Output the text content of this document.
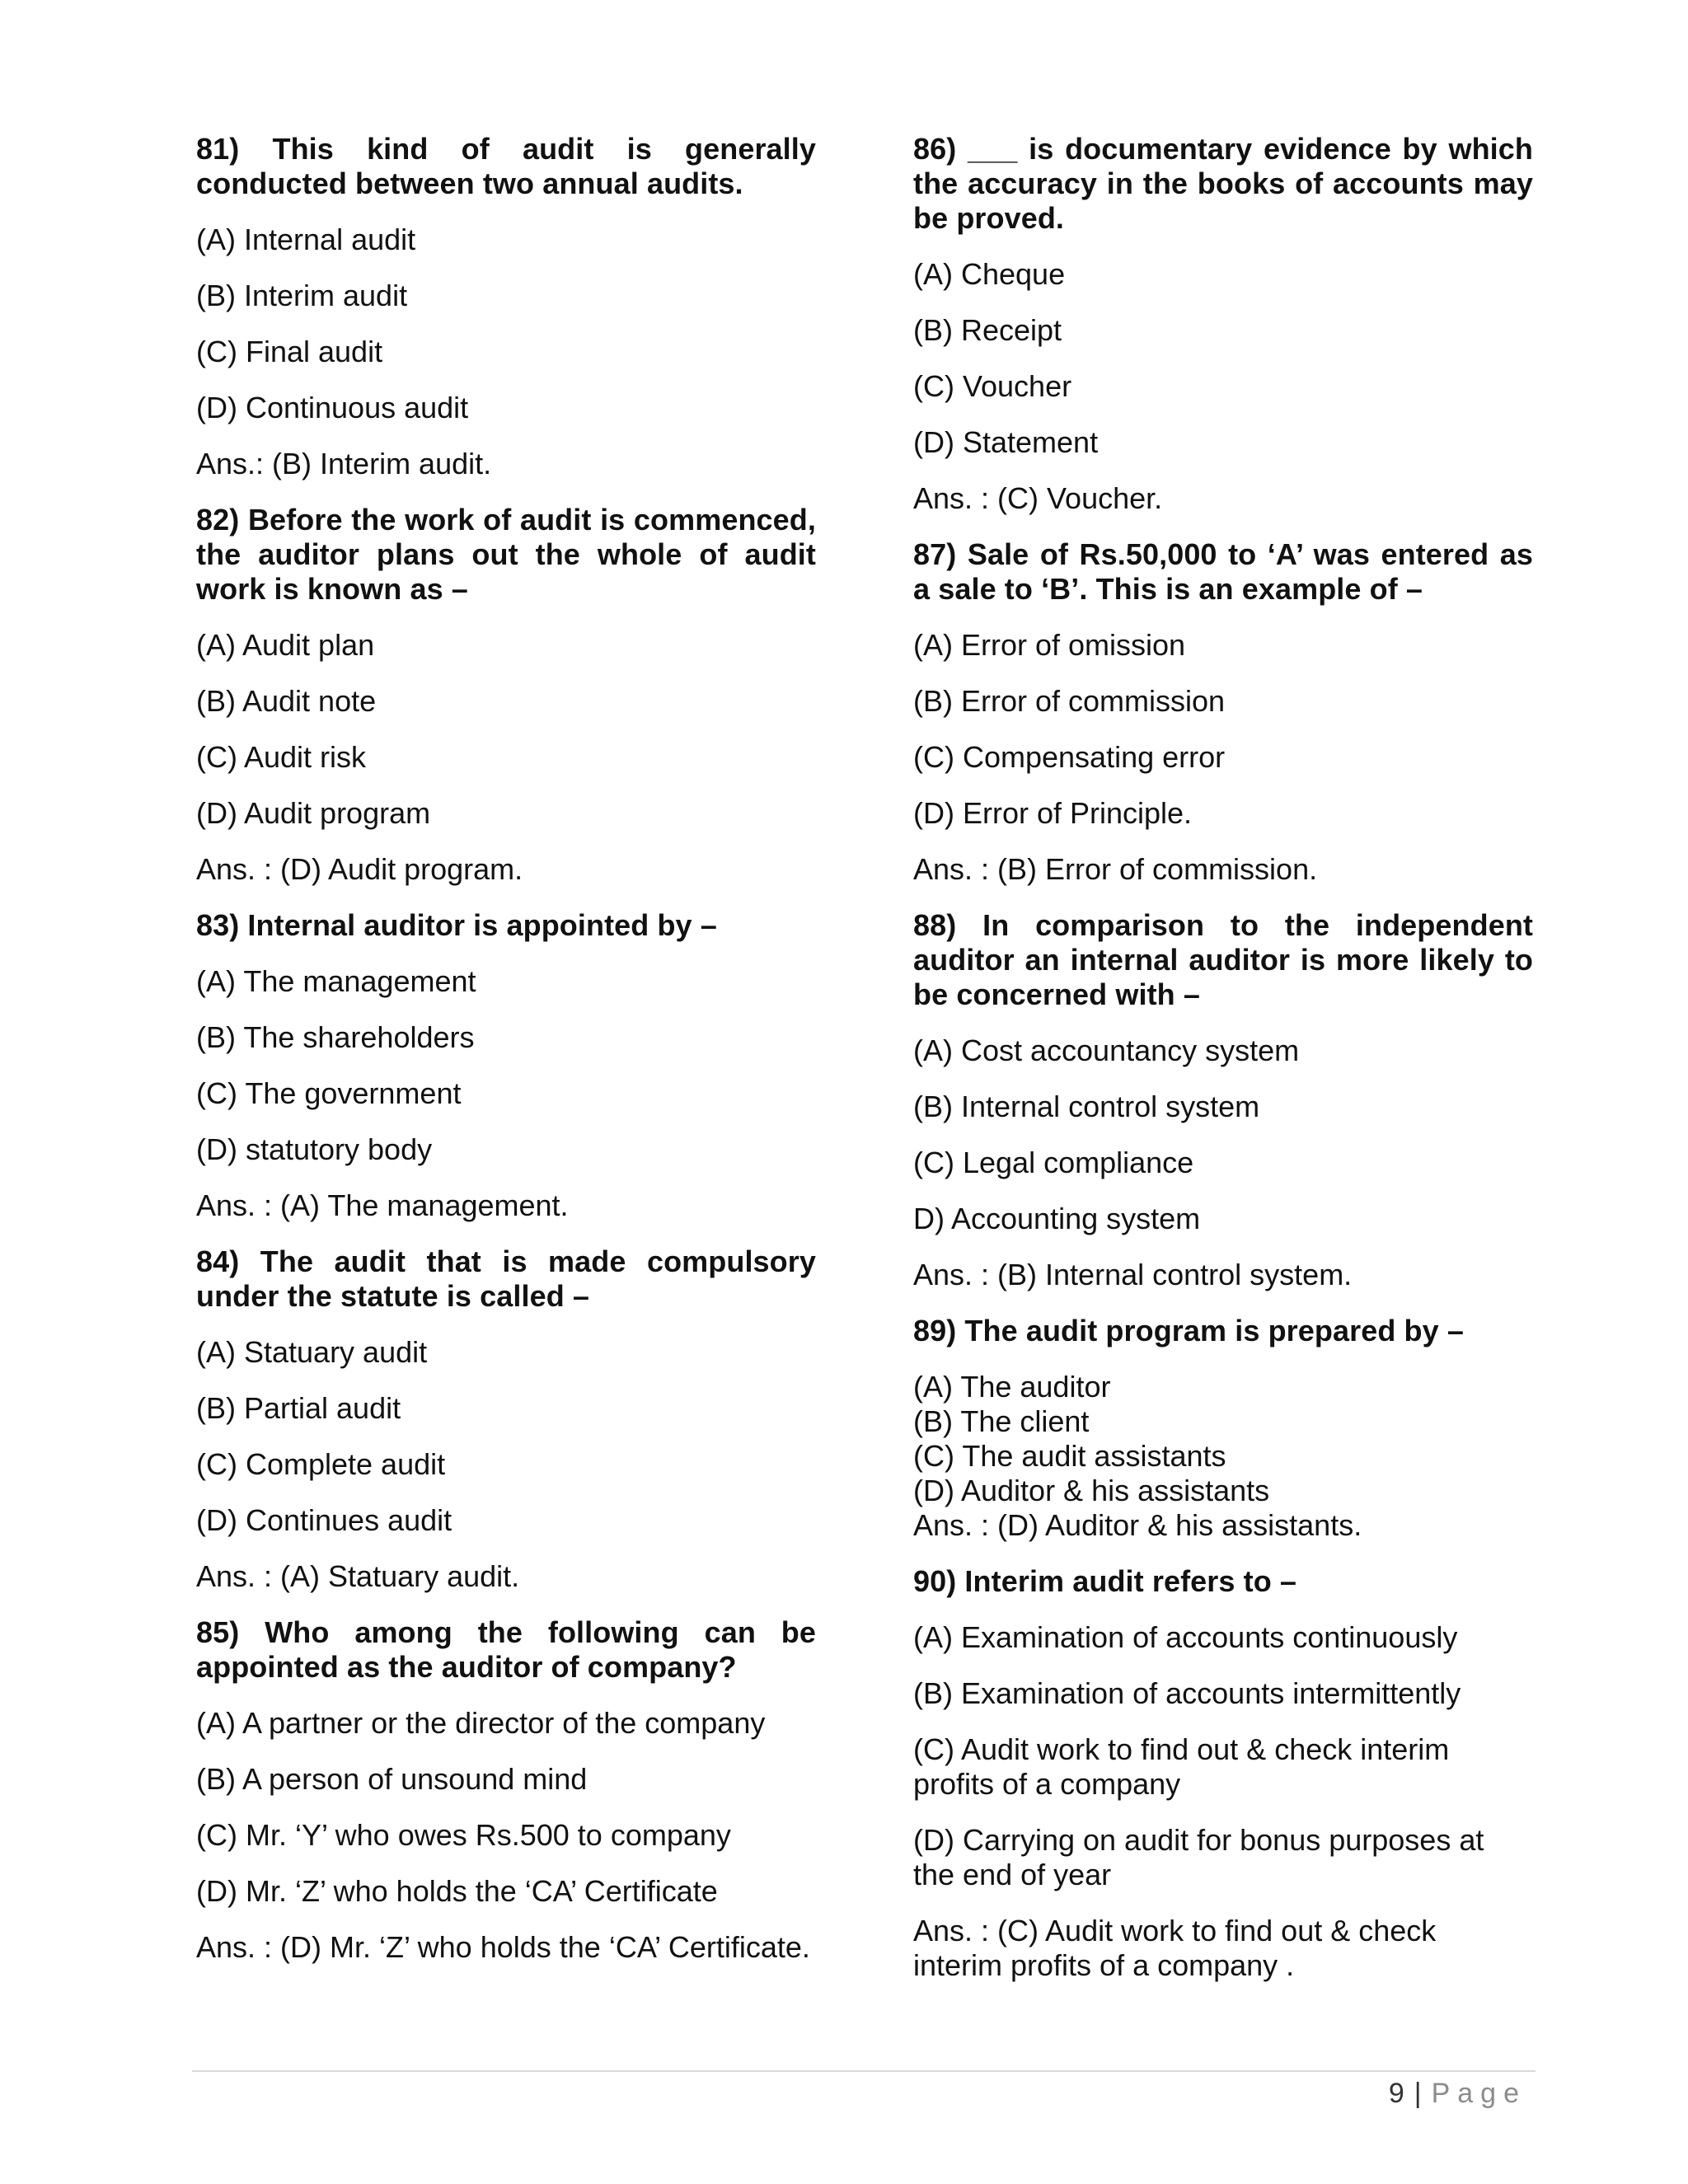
81) This kind of audit is generally conducted between two annual audits.
(A) Internal audit
(B) Interim audit
(C) Final audit
(D) Continuous audit
Ans.: (B) Interim audit.
82) Before the work of audit is commenced, the auditor plans out the whole of audit work is known as –
(A) Audit plan
(B) Audit note
(C) Audit risk
(D) Audit program
Ans. : (D) Audit program.
83) Internal auditor is appointed by –
(A) The management
(B) The shareholders
(C) The government
(D) statutory body
Ans. : (A) The management.
84) The audit that is made compulsory under the statute is called –
(A) Statuary audit
(B) Partial audit
(C) Complete audit
(D) Continues audit
Ans. : (A) Statuary audit.
85) Who among the following can be appointed as the auditor of company?
(A) A partner or the director of the company
(B) A person of unsound mind
(C) Mr. ‘Y’ who owes Rs.500 to company
(D) Mr. ‘Z’ who holds the ‘CA’ Certificate
Ans. : (D) Mr. ‘Z’ who holds the ‘CA’ Certificate.
86) ___ is documentary evidence by which the accuracy in the books of accounts may be proved.
(A) Cheque
(B) Receipt
(C) Voucher
(D) Statement
Ans. : (C) Voucher.
87) Sale of Rs.50,000 to ‘A’ was entered as a sale to ‘B’. This is an example of –
(A) Error of omission
(B) Error of commission
(C) Compensating error
(D) Error of Principle.
Ans. : (B) Error of commission.
88) In comparison to the independent auditor an internal auditor is more likely to be concerned with –
(A) Cost accountancy system
(B) Internal control system
(C) Legal compliance
D) Accounting system
Ans. : (B) Internal control system.
89) The audit program is prepared by –
(A) The auditor
(B) The client
(C) The audit assistants
(D) Auditor & his assistants
Ans. : (D) Auditor & his assistants.
90) Interim audit refers to –
(A) Examination of accounts continuously
(B) Examination of accounts intermittently
(C) Audit work to find out & check interim profits of a company
(D) Carrying on audit for bonus purposes at the end of year
Ans. : (C) Audit work to find out & check interim profits of a company .
9 | Page
